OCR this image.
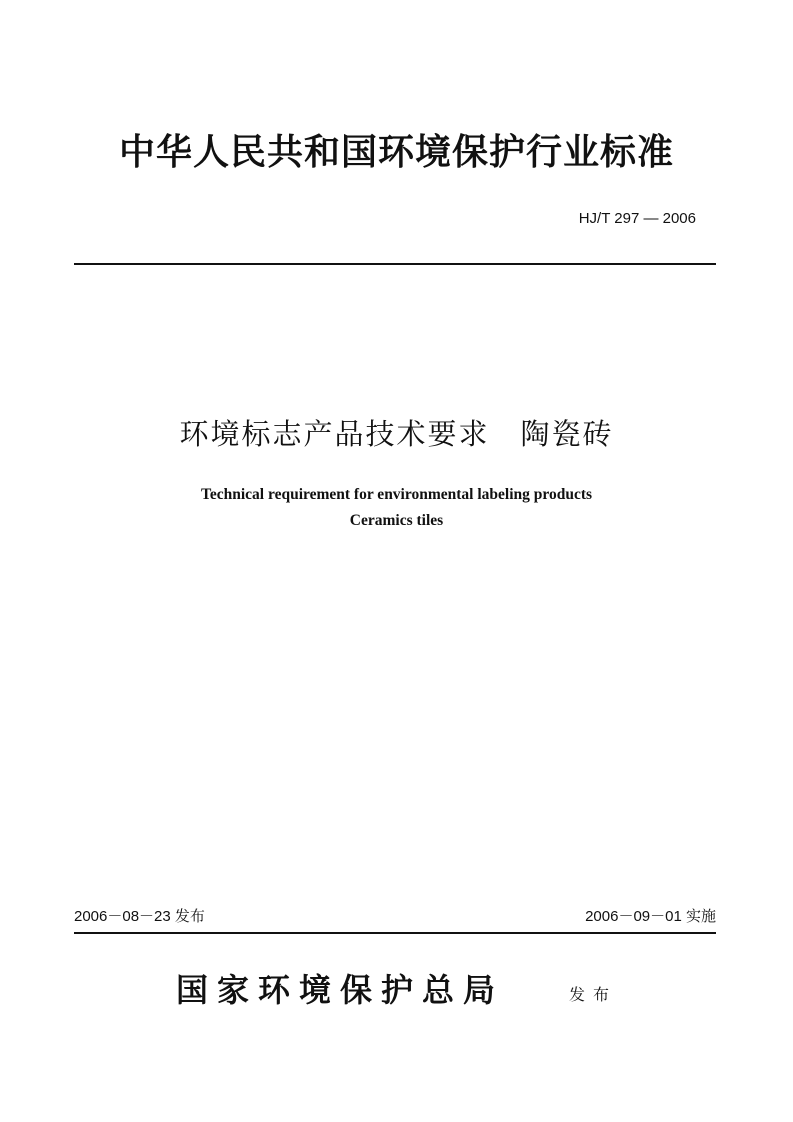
中华人民共和国环境保护行业标准
HJ/T 297 — 2006
环境标志产品技术要求　陶瓷砖
Technical requirement for environmental labeling products
Ceramics tiles
2006－08－23 发布	2006－09－01 实施
国家环境保护总局	发布
